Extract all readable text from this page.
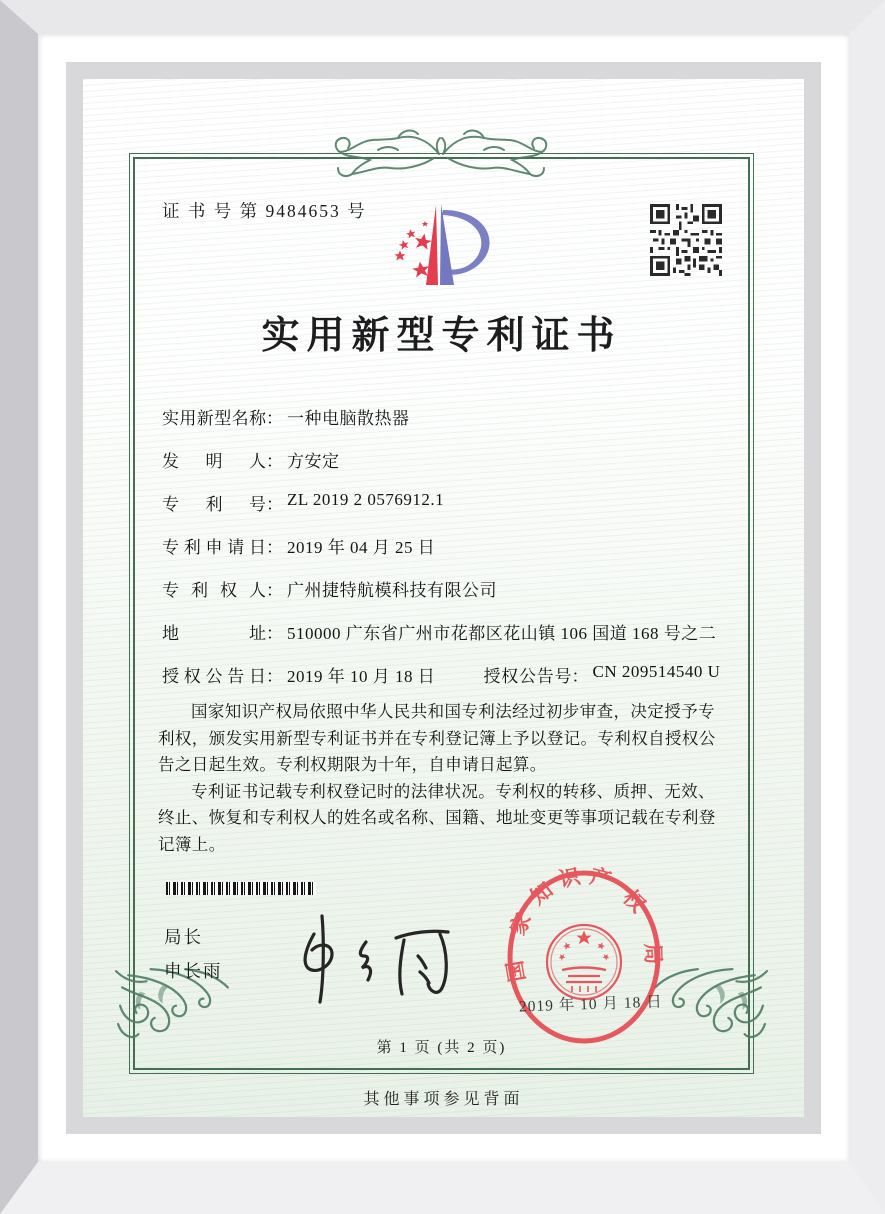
证 书 号 第 9484653 号
实用新型专利证书
实用新型名称： 一种电脑散热器
发明人： 方安定
专利号： ZL 2019 2 0576912.1
专利申请日： 2019 年 04 月 25 日
专利权人： 广州捷特航模科技有限公司
地址： 510000 广东省广州市花都区花山镇 106 国道 168 号之二
授权公告日： 2019 年 10 月 18 日	授权公告号： CN 209514540 U

国家知识产权局依照中华人民共和国专利法经过初步审查，决定授予专利权，颁发实用新型专利证书并在专利登记簿上予以登记。专利权自授权公告之日起生效。专利权期限为十年，自申请日起算。

专利证书记载专利权登记时的法律状况。专利权的转移、质押、无效、终止、恢复和专利权人的姓名或名称、国籍、地址变更等事项记载在专利登记簿上。

局长
申长雨	国
家
知 识 产
权
局
2019 年 10 月 18 日
第 1 页 (共 2 页)
其他事项参见背面
